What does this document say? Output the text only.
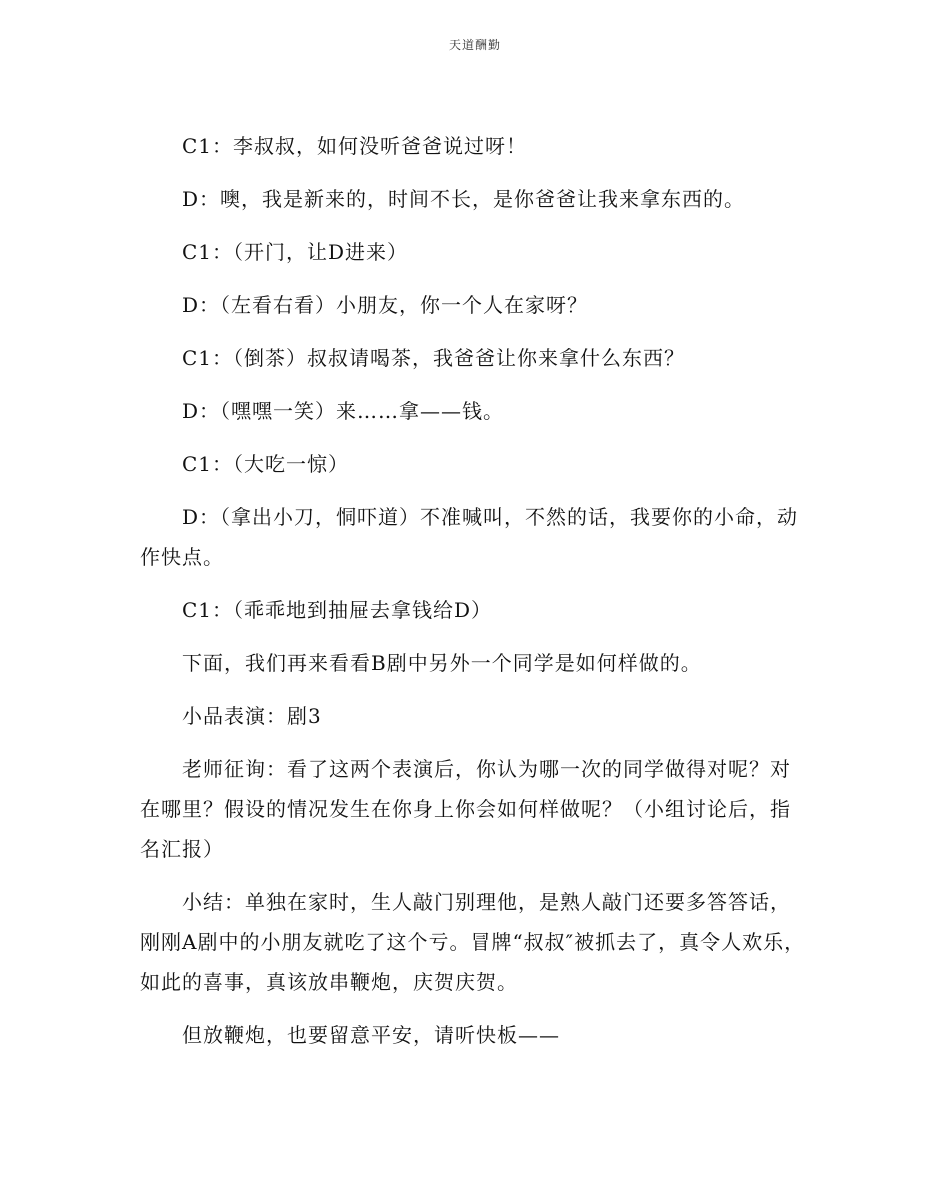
天道酬勤

C1：李叔叔，如何没听爸爸说过呀！

D：噢，我是新来的，时间不长，是你爸爸让我来拿东西的。

C1：（开门，让D进来）

D：（左看右看）小朋友，你一个人在家呀？

C1：（倒茶）叔叔请喝茶，我爸爸让你来拿什么东西？

D：（嘿嘿一笑）来……拿——钱。

C1：（大吃一惊）

D：（拿出小刀，恫吓道）不准喊叫，不然的话，我要你的小命，动作快点。

C1：（乖乖地到抽屉去拿钱给D）

下面，我们再来看看B剧中另外一个同学是如何样做的。

小品表演：剧3

老师征询：看了这两个表演后，你认为哪一次的同学做得对呢？对在哪里？假设的情况发生在你身上你会如何样做呢？（小组讨论后，指名汇报）

小结：单独在家时，生人敲门别理他，是熟人敲门还要多答答话，刚刚A剧中的小朋友就吃了这个亏。冒牌“叔叔″被抓去了，真令人欢乐，如此的喜事，真该放串鞭炮，庆贺庆贺。

但放鞭炮，也要留意平安，请听快板——
